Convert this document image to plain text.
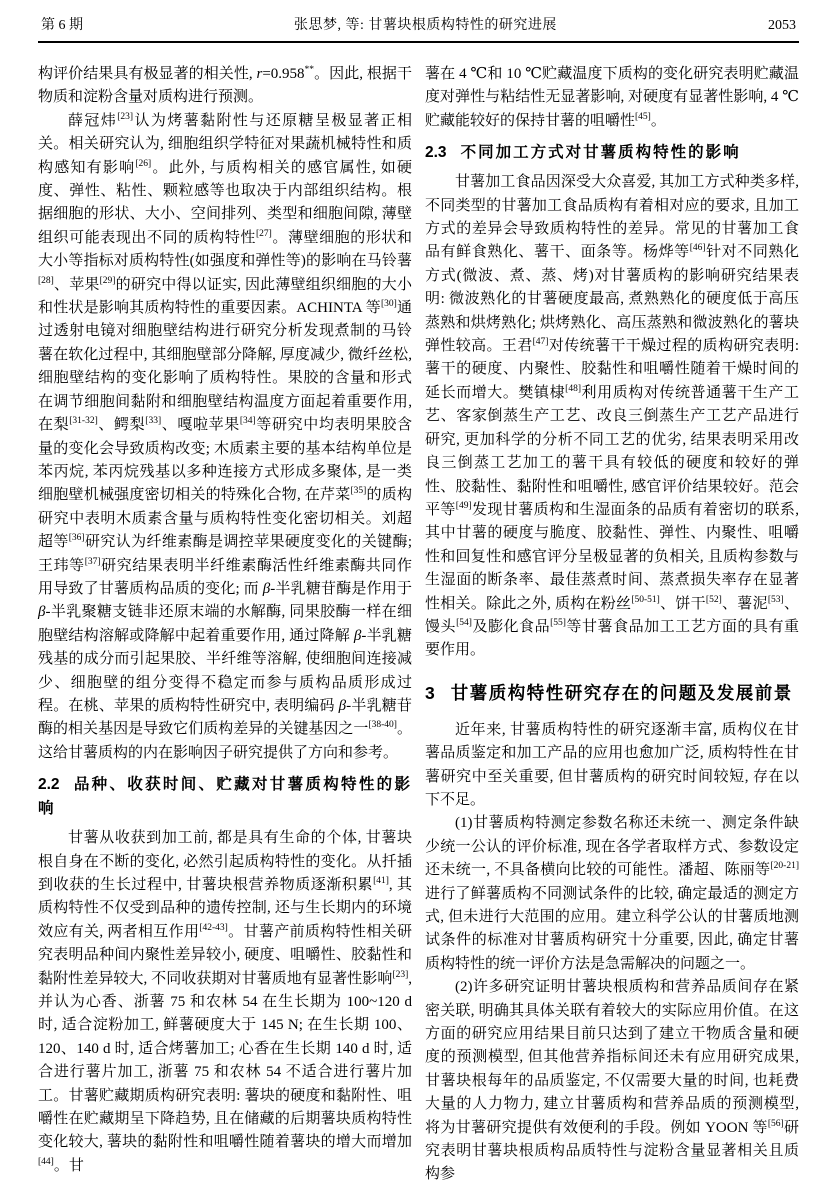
第 6 期	张思梦, 等: 甘薯块根质构特性的研究进展	2053

构评价结果具有极显著的相关性, r=0.958**。因此, 根据干物质和淀粉含量对质构进行预测。

薛冠炜[23]认为烤薯黏附性与还原糖呈极显著正相关。相关研究认为, 细胞组织学特征对果蔬机械特性和质构感知有影响[26]。此外, 与质构相关的感官属性, 如硬度、弹性、粘性、颗粒感等也取决于内部组织结构。根据细胞的形状、大小、空间排列、类型和细胞间隙, 薄壁组织可能表现出不同的质构特性[27]。薄壁细胞的形状和大小等指标对质构特性(如强度和弹性等)的影响在马铃薯[28]、苹果[29]的研究中得以证实, 因此薄壁组织细胞的大小和性状是影响其质构特性的重要因素。ACHINTA 等[30]通过透射电镜对细胞壁结构进行研究分析发现煮制的马铃薯在软化过程中, 其细胞壁部分降解, 厚度减少, 微纤丝松, 细胞壁结构的变化影响了质构特性。果胶的含量和形式在调节细胞间黏附和细胞壁结构温度方面起着重要作用, 在梨[31-32]、鳄梨[33]、嘎啦苹果[34]等研究中均表明果胶含量的变化会导致质构改变; 木质素主要的基本结构单位是苯丙烷, 苯丙烷残基以多种连接方式形成多聚体, 是一类细胞壁机械强度密切相关的特殊化合物, 在芹菜[35]的质构研究中表明木质素含量与质构特性变化密切相关。刘超超等[36]研究认为纤维素酶是调控苹果硬度变化的关键酶; 王玮等[37]研究结果表明半纤维素酶活性纤维素酶共同作用导致了甘薯质构品质的变化; 而 β-半乳糖苷酶是作用于 β-半乳聚糖支链非还原末端的水解酶, 同果胶酶一样在细胞壁结构溶解或降解中起着重要作用, 通过降解 β-半乳糖残基的成分而引起果胶、半纤维等溶解, 使细胞间连接减少、细胞壁的组分变得不稳定而参与质构品质形成过程。在桃、苹果的质构特性研究中, 表明编码 β-半乳糖苷酶的相关基因是导致它们质构差异的关键基因之一[38-40]。这给甘薯质构的内在影响因子研究提供了方向和参考。

2.2 品种、收获时间、贮藏对甘薯质构特性的影响

甘薯从收获到加工前, 都是具有生命的个体, 甘薯块根自身在不断的变化, 必然引起质构特性的变化。从扦插到收获的生长过程中, 甘薯块根营养物质逐渐积累[41], 其质构特性不仅受到品种的遗传控制, 还与生长期内的环境效应有关, 两者相互作用[42-43]。甘薯产前质构特性相关研究表明品种间内聚性差异较小, 硬度、咀嚼性、胶黏性和黏附性差异较大, 不同收获期对甘薯质地有显著性影响[23], 并认为心香、浙薯 75 和农林 54 在生长期为 100~120 d 时, 适合淀粉加工, 鲜薯硬度大于 145 N; 在生长期 100、120、140 d 时, 适合烤薯加工; 心香在生长期 140 d 时, 适合进行薯片加工, 浙薯 75 和农林 54 不适合进行薯片加工。甘薯贮藏期质构研究表明: 薯块的硬度和黏附性、咀嚼性在贮藏期呈下降趋势, 且在储藏的后期薯块质构特性变化较大, 薯块的黏附性和咀嚼性随着薯块的增大而增加[44]。甘

薯在 4 ℃和 10 ℃贮藏温度下质构的变化研究表明贮藏温度对弹性与粘结性无显著影响, 对硬度有显著性影响, 4 ℃贮藏能较好的保持甘薯的咀嚼性[45]。

2.3 不同加工方式对甘薯质构特性的影响

甘薯加工食品因深受大众喜爱, 其加工方式种类多样, 不同类型的甘薯加工食品质构有着相对应的要求, 且加工方式的差异会导致质构特性的差异。常见的甘薯加工食品有鲜食熟化、薯干、面条等。杨烨等[46]针对不同熟化方式(微波、煮、蒸、烤)对甘薯质构的影响研究结果表明: 微波熟化的甘薯硬度最高, 煮熟熟化的硬度低于高压蒸熟和烘烤熟化; 烘烤熟化、高压蒸熟和微波熟化的薯块弹性较高。王君[47]对传统薯干干燥过程的质构研究表明: 薯干的硬度、内聚性、胶黏性和咀嚼性随着干燥时间的延长而增大。樊镇棣[48]利用质构对传统普通薯干生产工艺、客家倒蒸生产工艺、改良三倒蒸生产工艺产品进行研究, 更加科学的分析不同工艺的优劣, 结果表明采用改良三倒蒸工艺加工的薯干具有较低的硬度和较好的弹性、胶黏性、黏附性和咀嚼性, 感官评价结果较好。范会平等[49]发现甘薯质构和生湿面条的品质有着密切的联系, 其中甘薯的硬度与脆度、胶黏性、弹性、内聚性、咀嚼性和回复性和感官评分呈极显著的负相关, 且质构参数与生湿面的断条率、最佳蒸煮时间、蒸煮损失率存在显著性相关。除此之外, 质构在粉丝[50-51]、饼干[52]、薯泥[53]、馒头[54]及膨化食品[55]等甘薯食品加工工艺方面的具有重要作用。

3 甘薯质构特性研究存在的问题及发展前景

近年来, 甘薯质构特性的研究逐渐丰富, 质构仪在甘薯品质鉴定和加工产品的应用也愈加广泛, 质构特性在甘薯研究中至关重要, 但甘薯质构的研究时间较短, 存在以下不足。

(1)甘薯质构特测定参数名称还未统一、测定条件缺少统一公认的评价标准, 现在各学者取样方式、参数设定还未统一, 不具备横向比较的可能性。潘超、陈丽等[20-21]进行了鲜薯质构不同测试条件的比较, 确定最适的测定方式, 但未进行大范围的应用。建立科学公认的甘薯质地测试条件的标准对甘薯质构研究十分重要, 因此, 确定甘薯质构特性的统一评价方法是急需解决的问题之一。

(2)许多研究证明甘薯块根质构和营养品质间存在紧密关联, 明确其具体关联有着较大的实际应用价值。在这方面的研究应用结果目前只达到了建立干物质含量和硬度的预测模型, 但其他营养指标间还未有应用研究成果, 甘薯块根每年的品质鉴定, 不仅需要大量的时间, 也耗费大量的人力物力, 建立甘薯质构和营养品质的预测模型, 将为甘薯研究提供有效便利的手段。例如 YOON 等[56]研究表明甘薯块根质构品质特性与淀粉含量显著相关且质构参
